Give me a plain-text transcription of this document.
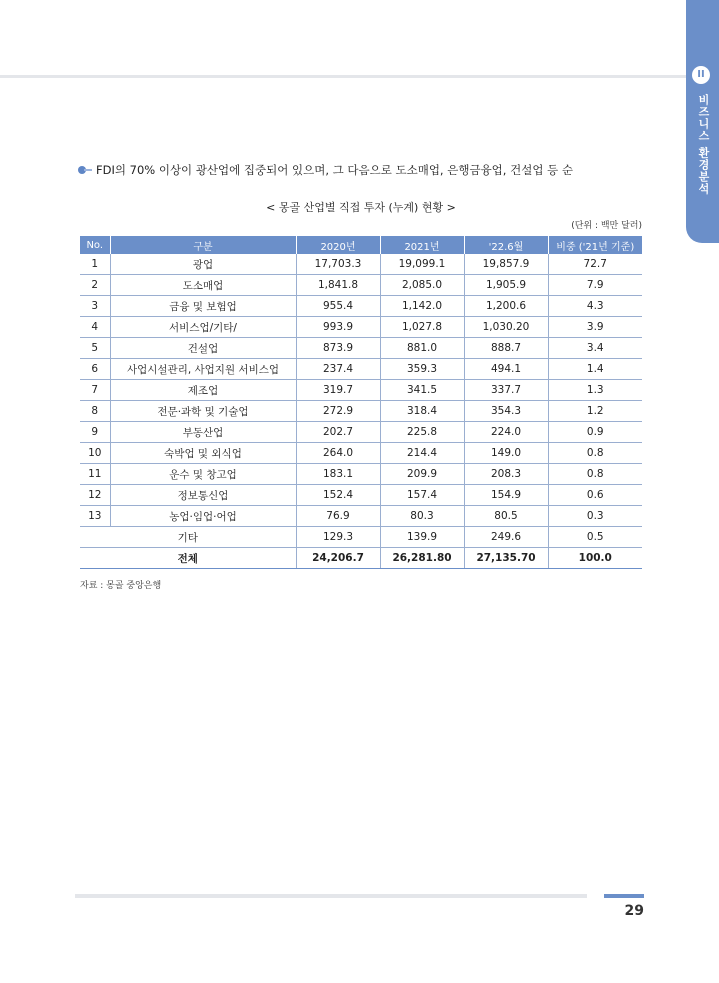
II
비즈니스 환경분석
FDI의 70% 이상이 광산업에 집중되어 있으며, 그 다음으로 도소매업, 은행금융업, 건설업 등 순
< 몽골 산업별 직접 투자 (누계) 현황 >
(단위 : 백만 달러)
No.	구분	2020년	2021년	'22.6월	비중 ('21년 기준)
1	광업	17,703.3	19,099.1	19,857.9	72.7
2	도소매업	1,841.8	2,085.0	1,905.9	7.9
3	금융 및 보험업	955.4	1,142.0	1,200.6	4.3
4	서비스업/기타/	993.9	1,027.8	1,030.20	3.9
5	건설업	873.9	881.0	888.7	3.4
6	사업시설관리, 사업지원 서비스업	237.4	359.3	494.1	1.4
7	제조업	319.7	341.5	337.7	1.3
8	전문·과학 및 기술업	272.9	318.4	354.3	1.2
9	부동산업	202.7	225.8	224.0	0.9
10	숙박업 및 외식업	264.0	214.4	149.0	0.8
11	운수 및 창고업	183.1	209.9	208.3	0.8
12	정보통신업	152.4	157.4	154.9	0.6
13	농업·임업·어업	76.9	80.3	80.5	0.3
기타		129.3	139.9	249.6	0.5
전체		24,206.7	26,281.80	27,135.70	100.0
자료 : 몽골 중앙은행
29
